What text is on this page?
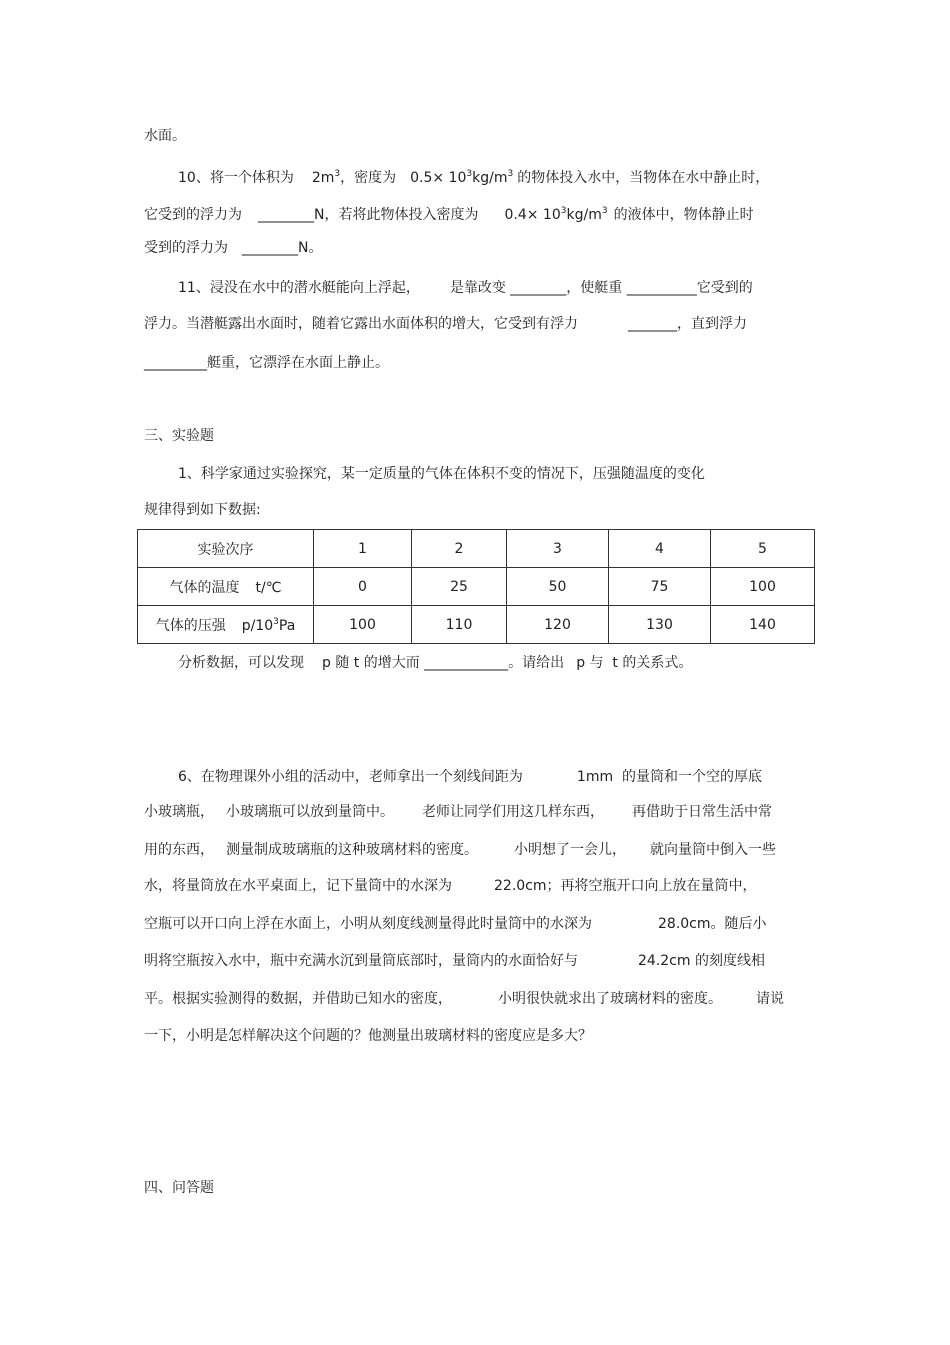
水面。
10、将一个体积为 $2m^3$，密度为 $0.5\times 10^3kg/m^3$ 的物体投入水中，当物体在水中静止时，
它受到的浮力为 ________N，若将此物体投入密度为 $0.4\times 10^3kg/m^3$ 的液体中，物体静止时
受到的浮力为 ________N。
11、浸没在水中的潜水艇能向上浮起， 是靠改变 ________，使艇重 __________它受到的
浮力。当潜艇露出水面时，随着它露出水面体积的增大，它受到有浮力	_______，直到浮力
_________艇重，它漂浮在水面上静止。
三、实验题
1、科学家通过实验探究，某一定质量的气体在体积不变的情况下，压强随温度的变化
规律得到如下数据:
实验次序	1	2	3	4	5
气体的温度 t/℃	0	25	50	75	100
气体的压强 $p/10^3Pa$	100	110	120	130	140
分析数据，可以发现 p 随 t 的增大而 ____________。请给出 p 与  t 的关系式。
6、在物理课外小组的活动中，老师拿出一个刻线间距为	1mm  的量筒和一个空的厚底
小玻璃瓶， 小玻璃瓶可以放到量筒中。 老师让同学们用这几样东西， 再借助于日常生活中常
用的东西， 测量制成玻璃瓶的这种玻璃材料的密度。	小明想了一会儿， 就向量筒中倒入一些
水，将量筒放在水平桌面上，记下量筒中的水深为	22.0cm；再将空瓶开口向上放在量筒中，
空瓶可以开口向上浮在水面上，小明从刻度线测量得此时量筒中的水深为	28.0cm。随后小
明将空瓶按入水中，瓶中充满水沉到量筒底部时，量筒内的水面恰好与	24.2cm 的刻度线相
平。根据实验测得的数据，并借助已知水的密度，	小明很快就求出了玻璃材料的密度。 请说
一下，小明是怎样解决这个问题的？他测量出玻璃材料的密度应是多大？
四、问答题
